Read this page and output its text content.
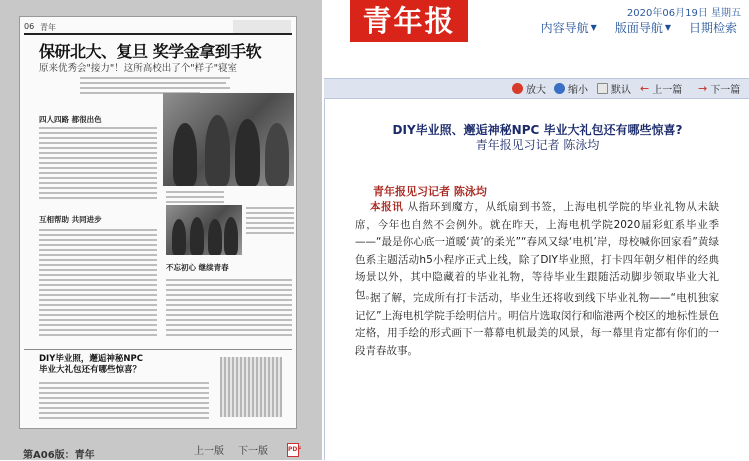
06 青年
保研北大、复旦 奖学金拿到手软
原来优秀会"接力"！这所高校出了个"样子"寝室
四人四路 都很出色
互相帮助 共同进步
不忘初心 继续青春
DIY毕业照，邂逅神秘NPC
毕业大礼包还有哪些惊喜？
第A06版：青年	上一版 下一版	PDF
青年报	2020年06月19日 星期五
内容导航 ▼ 版面导航 ▼ 日期检索
放大 缩小 默认 ← 上一篇 → 下一篇
DIY毕业照、邂逅神秘NPC 毕业大礼包还有哪些惊喜?
青年报见习记者 陈泳均
青年报见习记者 陈泳均
本报讯 从指环到魔方，从纸扇到书签，上海电机学院的毕业礼物从未缺席，今年也自然不会例外。就在昨天，上海电机学院2020届彩虹系毕业季——“最是你心底一道暖‘黄’的柔光”“春风又绿‘电机’岸，母校喊你回家看”黄绿色系主题活动h5小程序正式上线，除了DIY毕业照，打卡四年朝夕相伴的经典场景以外，其中隐藏着的毕业礼物，等待毕业生跟随活动脚步领取毕业大礼包。
据了解，完成所有打卡活动，毕业生还将收到线下毕业礼物——“电机独家记忆”上海电机学院手绘明信片。明信片选取闵行和临港两个校区的地标性景色定格，用手绘的形式画下一幕幕电机最美的风景，每一幕里肯定都有你们的一段青春故事。
